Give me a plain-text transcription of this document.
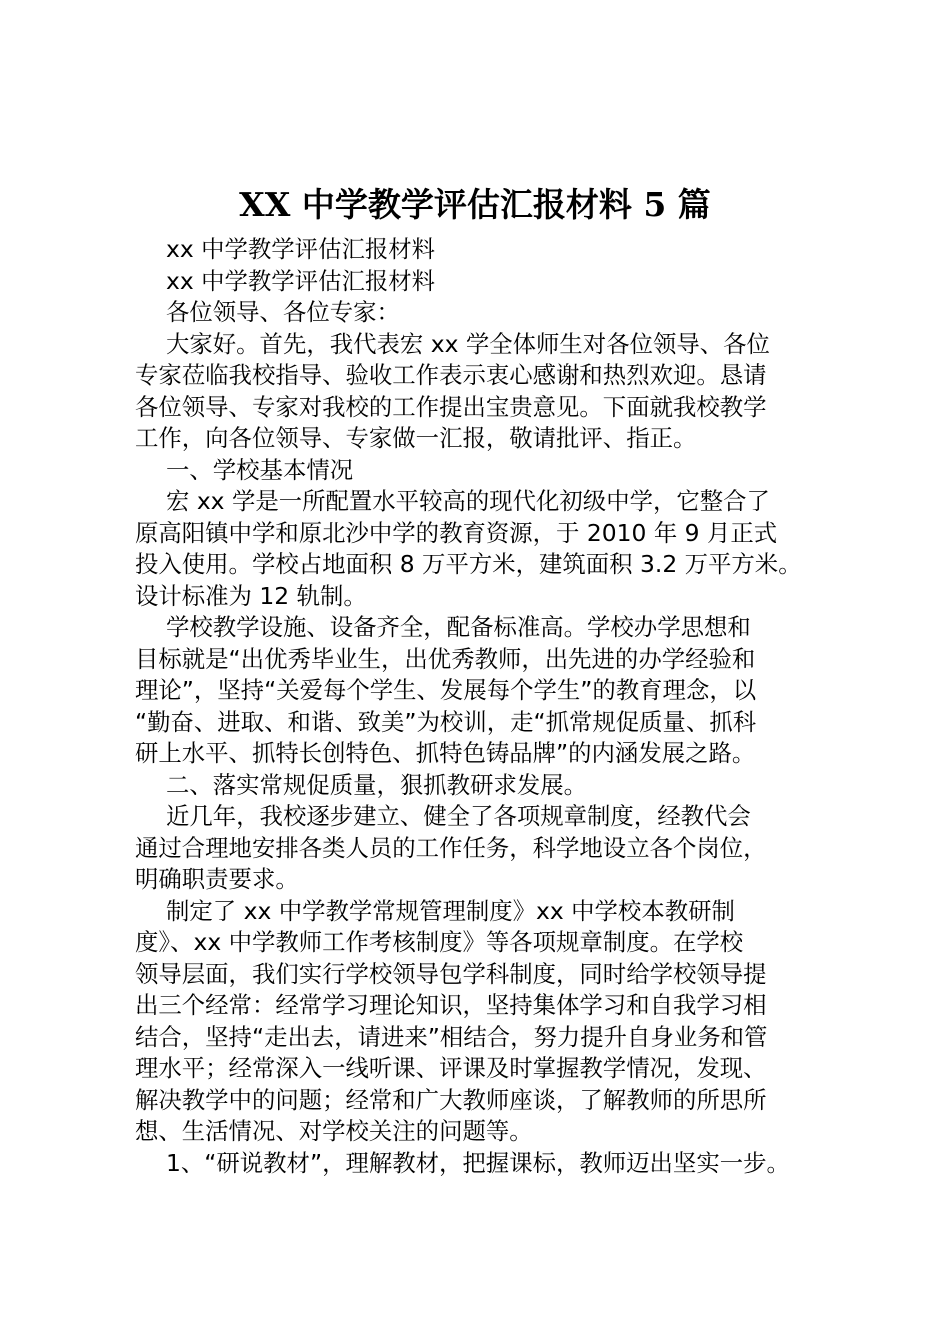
XX 中学教学评估汇报材料 5 篇
xx 中学教学评估汇报材料
xx 中学教学评估汇报材料
各位领导、各位专家：
大家好。首先，我代表宏 xx 学全体师生对各位领导、各位
专家莅临我校指导、验收工作表示衷心感谢和热烈欢迎。恳请
各位领导、专家对我校的工作提出宝贵意见。下面就我校教学
工作，向各位领导、专家做一汇报，敬请批评、指正。
一、学校基本情况
宏 xx 学是一所配置水平较高的现代化初级中学，它整合了
原高阳镇中学和原北沙中学的教育资源，于 2010 年 9 月正式
投入使用。学校占地面积 8 万平方米，建筑面积 3.2 万平方米。
设计标准为 12 轨制。
学校教学设施、设备齐全，配备标准高。学校办学思想和
目标就是“出优秀毕业生，出优秀教师，出先进的办学经验和
理论”，坚持“关爱每个学生、发展每个学生”的教育理念，以
“勤奋、进取、和谐、致美”为校训，走“抓常规促质量、抓科
研上水平、抓特长创特色、抓特色铸品牌”的内涵发展之路。
二、落实常规促质量，狠抓教研求发展。
近几年，我校逐步建立、健全了各项规章制度，经教代会
通过合理地安排各类人员的工作任务，科学地设立各个岗位，
明确职责要求。
制定了 xx 中学教学常规管理制度》xx 中学校本教研制
度》、xx 中学教师工作考核制度》等各项规章制度。在学校
领导层面，我们实行学校领导包学科制度，同时给学校领导提
出三个经常：经常学习理论知识，坚持集体学习和自我学习相
结合，坚持“走出去，请进来”相结合，努力提升自身业务和管
理水平；经常深入一线听课、评课及时掌握教学情况，发现、
解决教学中的问题；经常和广大教师座谈，了解教师的所思所
想、生活情况、对学校关注的问题等。
1、“研说教材”，理解教材，把握课标，教师迈出坚实一步。
